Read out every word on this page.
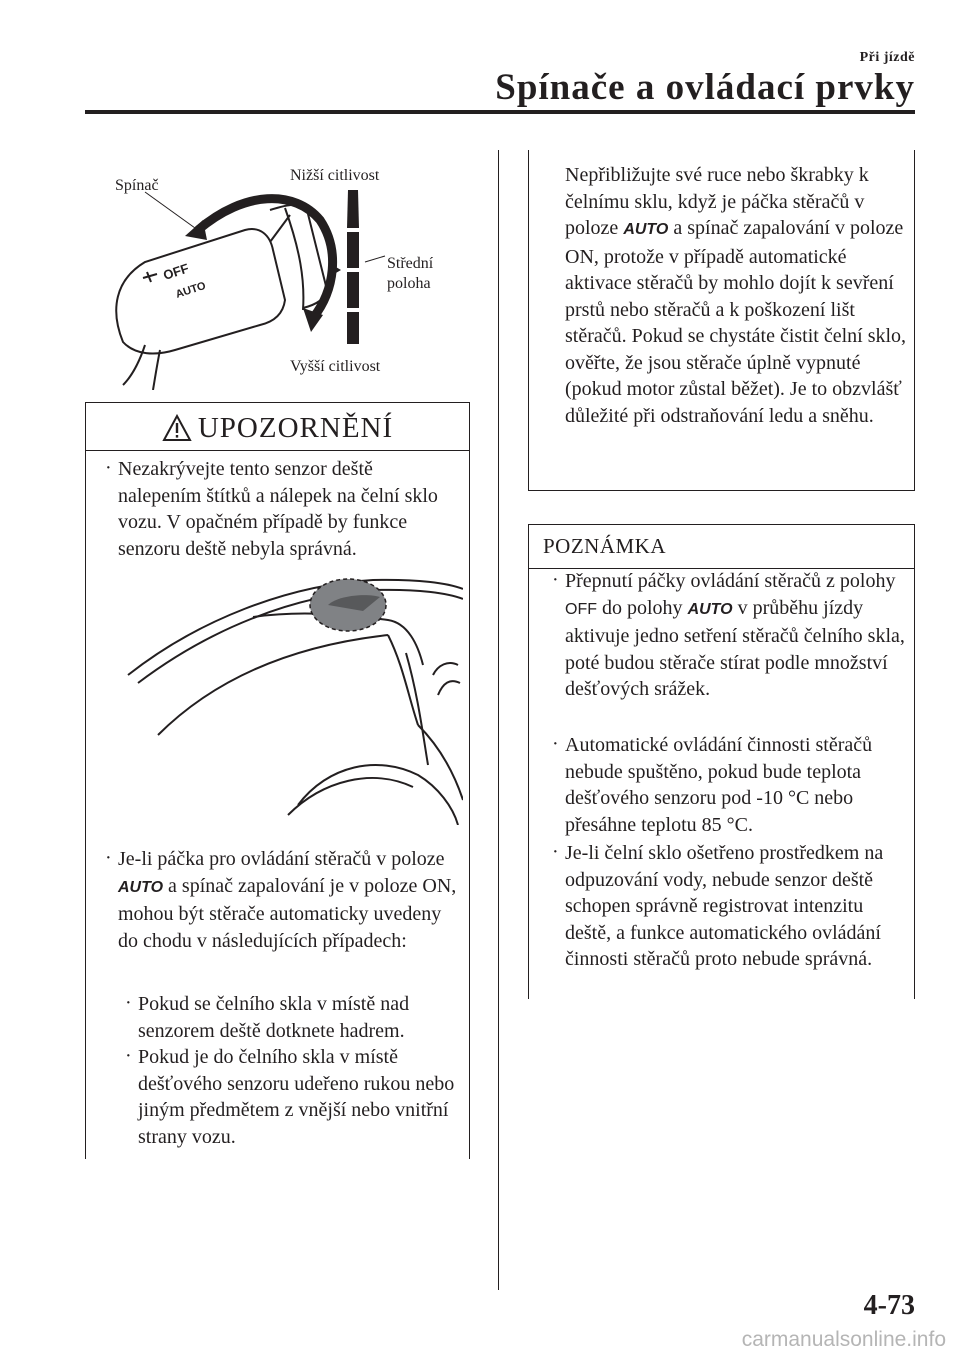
Při jízdě
Spínače a ovládací prvky
OFF
AUTO
Spínač
Nižší citlivost
Střední
poloha
Vyšší citlivost
UPOZORNĚNÍ
· Nezakrývejte tento senzor deště nalepením štítků a nálepek na čelní sklo vozu. V opačném případě by funkce senzoru deště nebyla správná.
· Je-li páčka pro ovládání stěračů v poloze AUTO a spínač zapalování je v poloze ON, mohou být stěrače automaticky uvedeny do chodu v následujících případech:
· Pokud se čelního skla v místě nad senzorem deště dotknete hadrem.
· Pokud je do čelního skla v místě dešťového senzoru udeřeno rukou nebo jiným předmětem z vnější nebo vnitřní strany vozu.
Nepřibližujte své ruce nebo škrabky k čelnímu sklu, když je páčka stěračů v poloze AUTO a spínač zapalování v poloze ON, protože v případě automatické aktivace stěračů by mohlo dojít k sevření prstů nebo stěračů a k poškození lišt stěračů. Pokud se chystáte čistit čelní sklo, ověřte, že jsou stěrače úplně vypnuté (pokud motor zůstal běžet). Je to obzvlášť důležité při odstraňování ledu a sněhu.
POZNÁMKA
· Přepnutí páčky ovládání stěračů z polohy OFF do polohy AUTO v průběhu jízdy aktivuje jedno setření stěračů čelního skla, poté budou stěrače stírat podle množství dešťových srážek.
· Automatické ovládání činnosti stěračů nebude spuštěno, pokud bude teplota dešťového senzoru pod -10 °C nebo přesáhne teplotu 85 °C.
· Je-li čelní sklo ošetřeno prostředkem na odpuzování vody, nebude senzor deště schopen správně registrovat intenzitu deště, a funkce automatického ovládání činnosti stěračů proto nebude správná.
4-73
carmanualsonline.info
